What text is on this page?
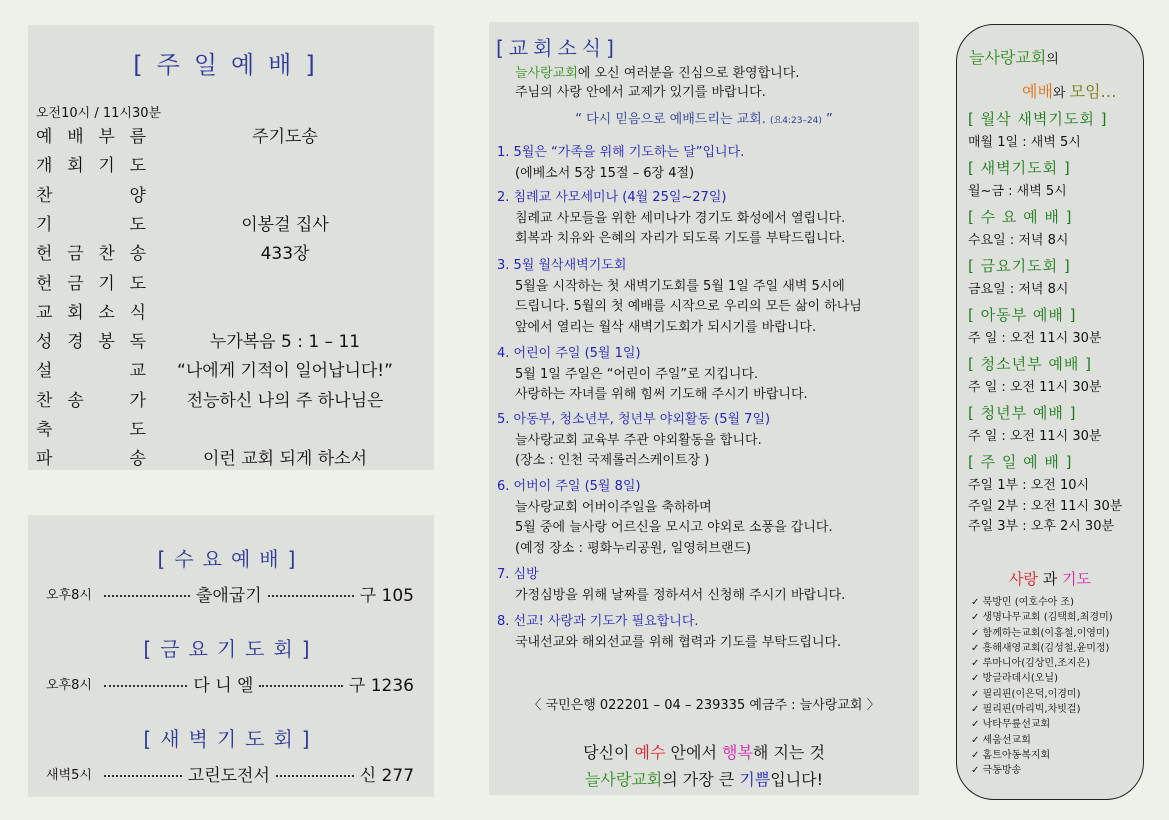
[주일예배]
오전10시 / 11시30분
예 배 부 름	주기도송
개 회 기 도
찬	양
기	도	이봉걸 집사
헌 금 찬 송	433장
헌 금 기 도
교 회 소 식
성 경 봉 독	누가복음 5 : 1 – 11
설	교	“나에게 기적이 일어납니다!”
찬 송	가	전능하신 나의 주 하나님은
축	도
파	송	이런 교회 되게 하소서
[수요예배]
오후8시	출애굽기	구 105
[금요기도회]
오후8시	다 니 엘	구 1236
[새벽기도회]
새벽5시	고린도전서	신 277
[교회소식]
늘사랑교회에 오신 여러분을 진심으로 환영합니다.
주님의 사랑 안에서 교제가 있기를 바랍니다.
“ 다시 믿음으로 예배드리는 교회. (요4:23–24) ”
1. 5월은 “가족을 위해 기도하는 달”입니다.
(에베소서 5장 15절 – 6장 4절)
2. 침례교 사모세미나 (4월 25일~27일)
침례교 사모들을 위한 세미나가 경기도 화성에서 열립니다.
회복과 치유와 은혜의 자리가 되도록 기도를 부탁드립니다.
3. 5월 월삭새벽기도회
5월을 시작하는 첫 새벽기도회를 5월 1일 주일 새벽 5시에
드립니다. 5월의 첫 예배를 시작으로 우리의 모든 삶이 하나님
앞에서 열리는 월삭 새벽기도회가 되시기를 바랍니다.
4. 어린이 주일 (5월 1일)
5월 1일 주일은 “어린이 주일”로 지킵니다.
사랑하는 자녀를 위해 힘써 기도해 주시기 바랍니다.
5. 아동부, 청소년부, 청년부 야외활동 (5월 7일)
늘사랑교회 교육부 주관 야외활동을 합니다.
(장소 : 인천 국제롤러스케이트장 )
6. 어버이 주일 (5월 8일)
늘사랑교회 어버이주일을 축하하며
5월 중에 늘사랑 어르신을 모시고 야외로 소풍을 갑니다.
(예정 장소 : 평화누리공원, 일영허브랜드)
7. 심방
가정심방을 위해 날짜를 정하셔서 신청해 주시기 바랍니다.
8. 선교! 사랑과 기도가 필요합니다.
국내선교와 해외선교를 위해 협력과 기도를 부탁드립니다.
〈 국민은행 022201 – 04 – 239335 예금주 : 늘사랑교회 〉
당신이 예수 안에서 행복해 지는 것
늘사랑교회의 가장 큰 기쁨입니다!
늘사랑교회의
예배와 모임…
[ 월삭 새벽기도회 ]
매월 1일 : 새벽 5시
[ 새벽기도회 ]
월~금 : 새벽 5시
[ 수 요 예 배 ]
수요일 : 저녁 8시
[ 금요기도회 ]
금요일 : 저녁 8시
[ 아동부 예배 ]
주 일 : 오전 11시 30분
[ 청소년부 예배 ]
주 일 : 오전 11시 30분
[ 청년부 예배 ]
주 일 : 오전 11시 30분
[ 주 일 예 배 ]
주일 1부 : 오전 10시
주일 2부 : 오전 11시 30분
주일 3부 : 오후 2시 30분
사랑 과 기도
✓ 북방민 (여호수아 조)
✓ 생명나무교회 (김택희,최경미)
✓ 함께하는교회(이홍철,이영미)
✓ 흥해새영교회(김성철,윤미정)
✓ 루마니아(김상민,조지은)
✓ 방글라데시(오닐)
✓ 필리핀(이은덕,이경미)
✓ 필리핀(마리빅,차빗걸)
✓ 낙타무릎선교회
✓ 세움선교회
✓ 홈트아동복지회
✓ 극동방송
